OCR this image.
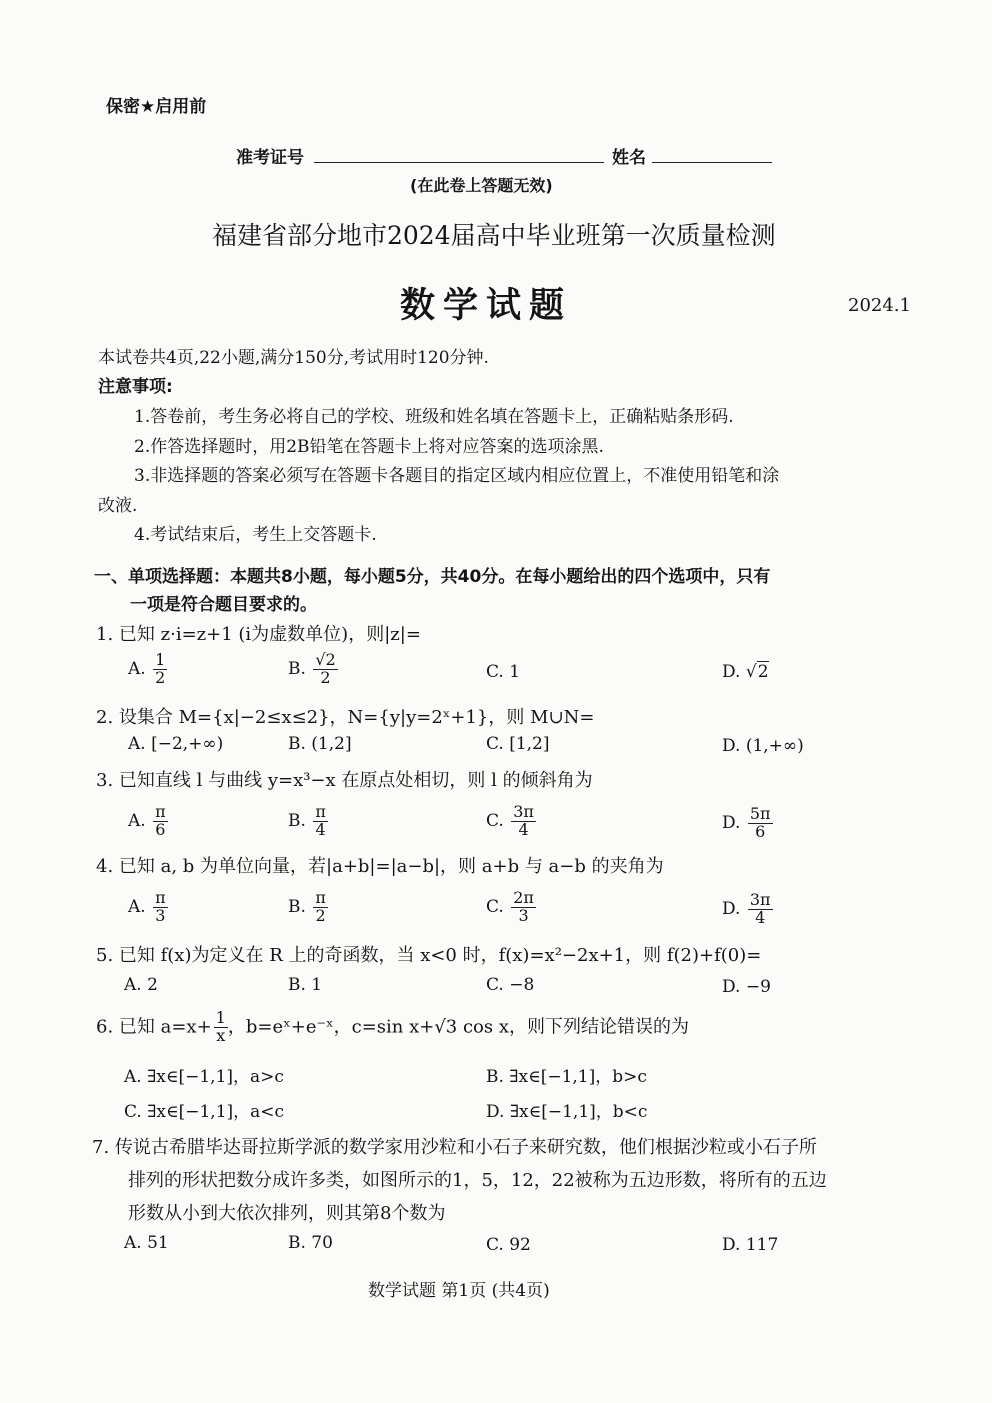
保密★启用前
准考证号	姓名
(在此卷上答题无效)
福建省部分地市2024届高中毕业班第一次质量检测
数学试题	2024.1
本试卷共4页,22小题,满分150分,考试用时120分钟.
注意事项:
1.答卷前，考生务必将自己的学校、班级和姓名填在答题卡上，正确粘贴条形码.
2.作答选择题时，用2B铅笔在答题卡上将对应答案的选项涂黑.
3.非选择题的答案必须写在答题卡各题目的指定区域内相应位置上，不准使用铅笔和涂
改液.
4.考试结束后，考生上交答题卡.
一、单项选择题：本题共8小题，每小题5分，共40分。在每小题给出的四个选项中，只有
一项是符合题目要求的。
1. 已知 z·i=z+1 (i为虚数单位)，则|z|=
A. $\frac{1}{2}$	B. $\frac{√2}{2}$	C. 1	D. √2
2. 设集合 M={x|−2≤x≤2}，N={y|y=2ˣ+1}，则 M∪N=
A. [−2,+∞)	B. (1,2]	C. [1,2]	D. (1,+∞)
3. 已知直线 l 与曲线 y=x³−x 在原点处相切，则 l 的倾斜角为
A. $\frac{\pi}{6}$	B. $\frac{\pi}{4}$	C. $\frac{3\pi}{4}$	D. $\frac{5\pi}{6}$
4. 已知 a, b 为单位向量，若|a+b|=|a−b|，则 a+b 与 a−b 的夹角为
A. $\frac{\pi}{3}$	B. $\frac{\pi}{2}$	C. $\frac{2\pi}{3}$	D. $\frac{3\pi}{4}$
5. 已知 f(x)为定义在 R 上的奇函数，当 x<0 时，f(x)=x²−2x+1，则 f(2)+f(0)=
A. 2	B. 1	C. −8	D. −9
6. 已知 $a=x+ \frac{1}{x}$ ，b=eˣ+e⁻ˣ，c=sin x+√3 cos x，则下列结论错误的为
A. ∃x∈[−1,1]，a>c	B. ∃x∈[−1,1]，b>c
C. ∃x∈[−1,1]，a<c	D. ∃x∈[−1,1]，b<c
7. 传说古希腊毕达哥拉斯学派的数学家用沙粒和小石子来研究数，他们根据沙粒或小石子所
排列的形状把数分成许多类，如图所示的1，5，12，22被称为五边形数，将所有的五边
形数从小到大依次排列，则其第8个数为
A. 51	B. 70	C. 92	D. 117
数学试题 第1页 (共4页)
